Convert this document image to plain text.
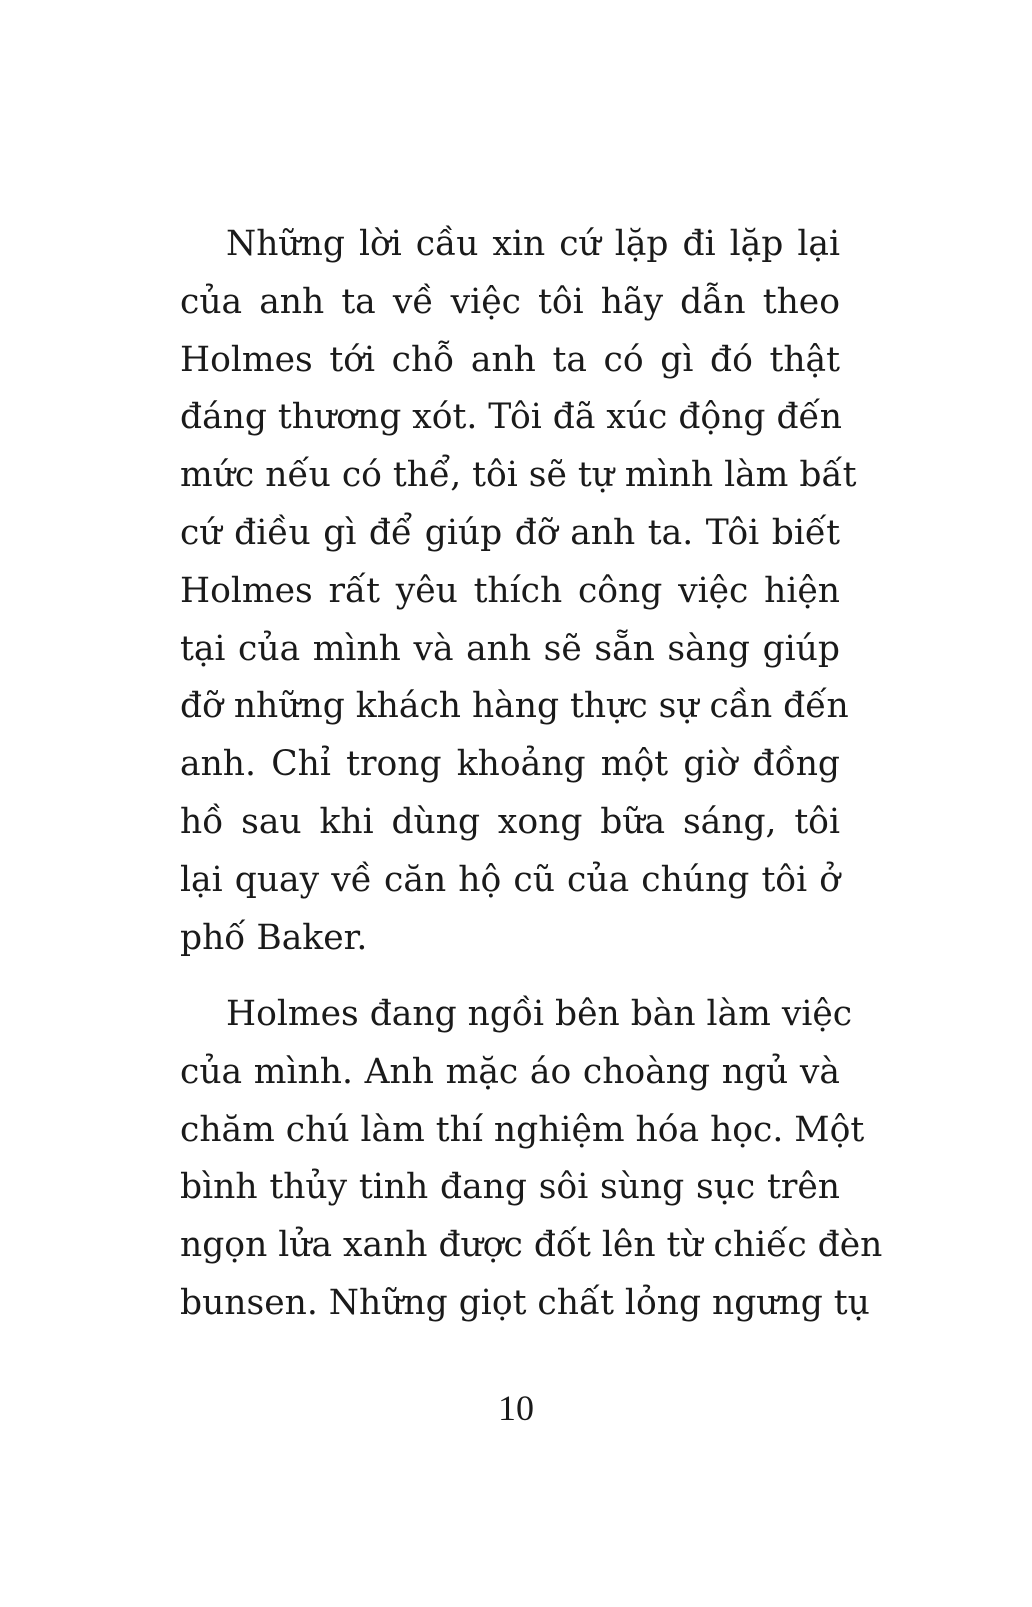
Những lời cầu xin cứ lặp đi lặp lại
của anh ta về việc tôi hãy dẫn theo
Holmes tới chỗ anh ta có gì đó thật
đáng thương xót. Tôi đã xúc động đến
mức nếu có thể, tôi sẽ tự mình làm bất
cứ điều gì để giúp đỡ anh ta. Tôi biết
Holmes rất yêu thích công việc hiện
tại của mình và anh sẽ sẵn sàng giúp
đỡ những khách hàng thực sự cần đến
anh. Chỉ trong khoảng một giờ đồng
hồ sau khi dùng xong bữa sáng, tôi
lại quay về căn hộ cũ của chúng tôi ở
phố Baker.
Holmes đang ngồi bên bàn làm việc
của mình. Anh mặc áo choàng ngủ và
chăm chú làm thí nghiệm hóa học. Một
bình thủy tinh đang sôi sùng sục trên
ngọn lửa xanh được đốt lên từ chiếc đèn
bunsen. Những giọt chất lỏng ngưng tụ
10
